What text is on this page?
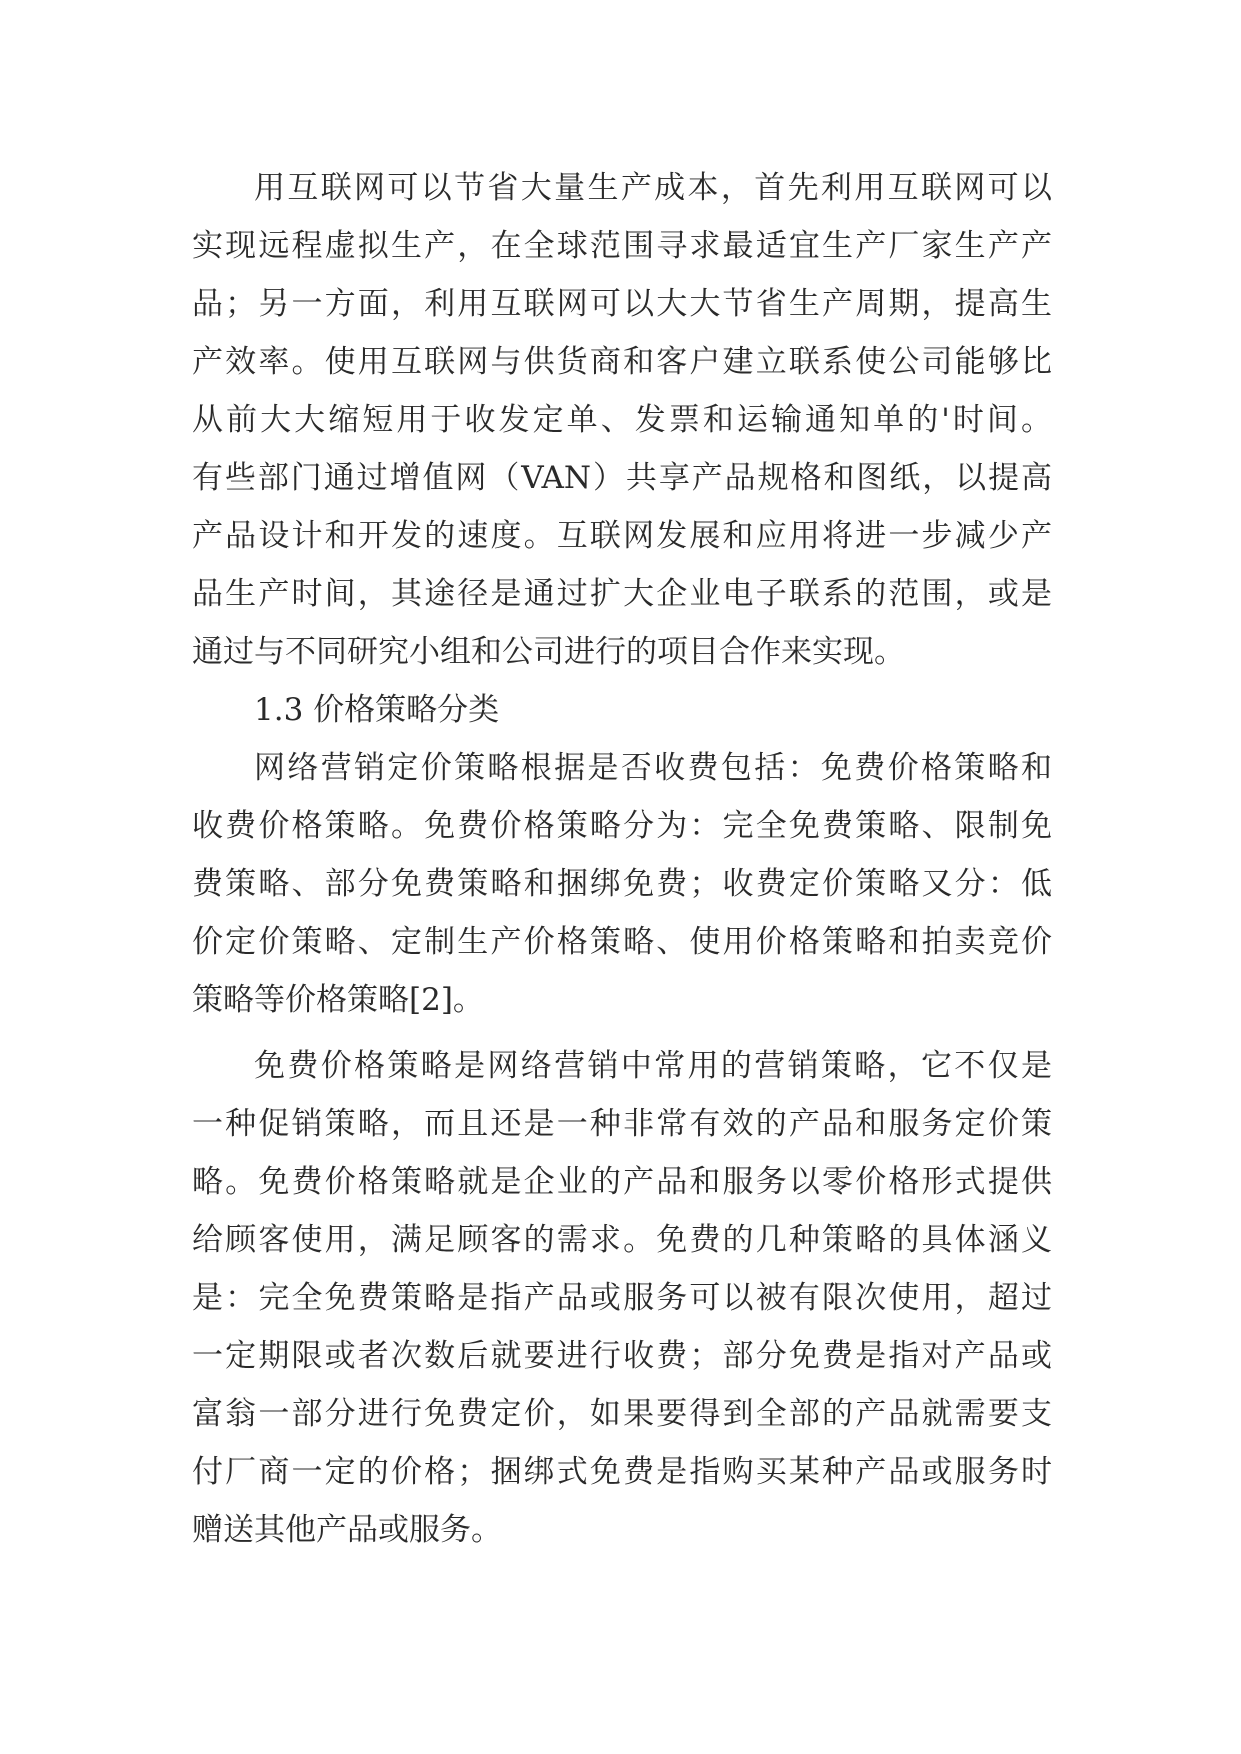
用互联网可以节省大量生产成本，首先利用互联网可以

实现远程虚拟生产，在全球范围寻求最适宜生产厂家生产产

品；另一方面，利用互联网可以大大节省生产周期，提高生

产效率。使用互联网与供货商和客户建立联系使公司能够比

从前大大缩短用于收发定单、发票和运输通知单的'时间。

有些部门通过增值网（VAN）共享产品规格和图纸，以提高

产品设计和开发的速度。互联网发展和应用将进一步减少产

品生产时间，其途径是通过扩大企业电子联系的范围，或是

通过与不同研究小组和公司进行的项目合作来实现。

1.3 价格策略分类

网络营销定价策略根据是否收费包括：免费价格策略和

收费价格策略。免费价格策略分为：完全免费策略、限制免

费策略、部分免费策略和捆绑免费；收费定价策略又分：低

价定价策略、定制生产价格策略、使用价格策略和拍卖竞价

策略等价格策略[2]。

免费价格策略是网络营销中常用的营销策略，它不仅是

一种促销策略，而且还是一种非常有效的产品和服务定价策

略。免费价格策略就是企业的产品和服务以零价格形式提供

给顾客使用，满足顾客的需求。免费的几种策略的具体涵义

是：完全免费策略是指产品或服务可以被有限次使用，超过

一定期限或者次数后就要进行收费；部分免费是指对产品或

富翁一部分进行免费定价，如果要得到全部的产品就需要支

付厂商一定的价格；捆绑式免费是指购买某种产品或服务时

赠送其他产品或服务。
